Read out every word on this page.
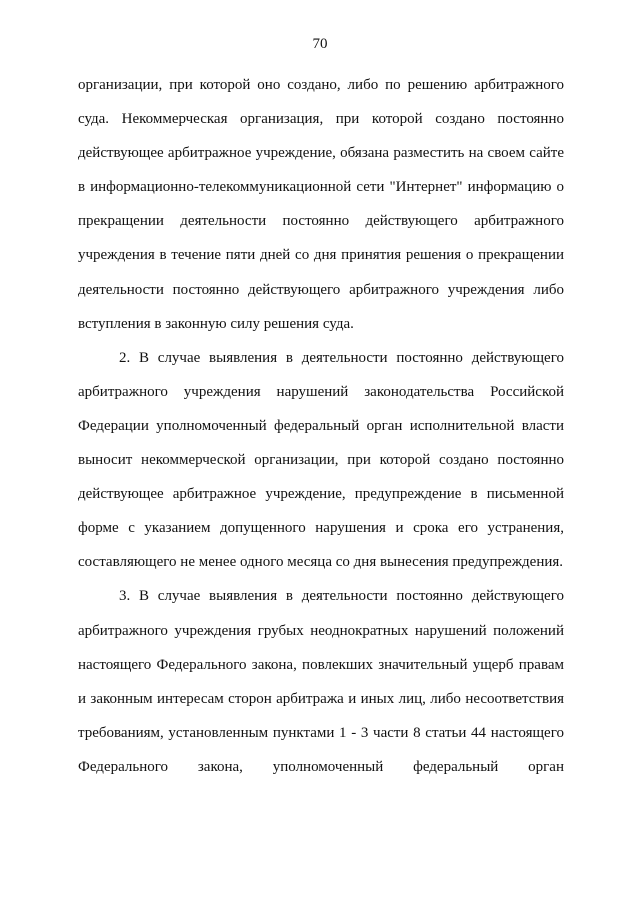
70

организации, при которой оно создано, либо по решению арбитражного
суда. Некоммерческая организация, при которой создано постоянно
действующее арбитражное учреждение, обязана разместить на своем сайте
в информационно-телекоммуникационной сети "Интернет" информацию о
прекращении деятельности постоянно действующего арбитражного
учреждения в течение пяти дней со дня принятия решения о прекращении
деятельности постоянно действующего арбитражного учреждения либо
вступления в законную силу решения суда.

2. В случае выявления в деятельности постоянно действующего
арбитражного учреждения нарушений законодательства Российской
Федерации уполномоченный федеральный орган исполнительной власти
выносит некоммерческой организации, при которой создано постоянно
действующее арбитражное учреждение, предупреждение в письменной
форме с указанием допущенного нарушения и срока его устранения,
составляющего не менее одного месяца со дня вынесения предупреждения.

3. В случае выявления в деятельности постоянно действующего
арбитражного учреждения грубых неоднократных нарушений положений
настоящего Федерального закона, повлекших значительный ущерб правам
и законным интересам сторон арбитража и иных лиц, либо несоответствия
требованиям, установленным пунктами 1 - 3 части 8 статьи 44 настоящего
Федерального закона, уполномоченный федеральный орган
